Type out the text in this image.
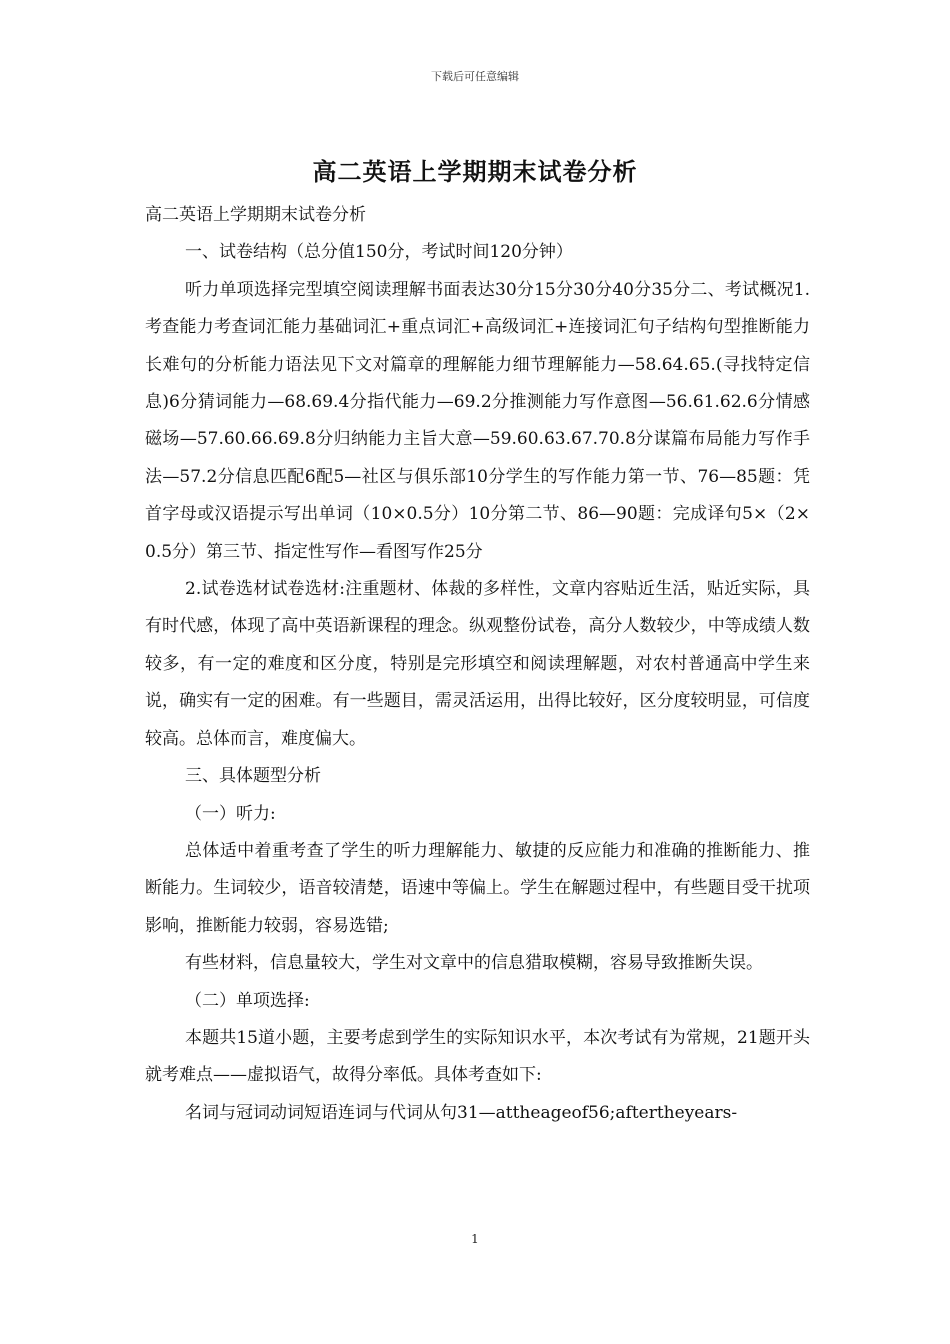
下载后可任意编辑
高二英语上学期期末试卷分析

高二英语上学期期末试卷分析

一、试卷结构（总分值150分，考试时间120分钟）

听力单项选择完型填空阅读理解书面表达30分15分30分40分35分二、考试概况1.考查能力考查词汇能力基础词汇+重点词汇+高级词汇+连接词汇句子结构句型推断能力长难句的分析能力语法见下文对篇章的理解能力细节理解能力—58.64.65.(寻找特定信息)6分猜词能力—68.69.4分指代能力—69.2分推测能力写作意图—56.61.62.6分情感磁场—57.60.66.69.8分归纳能力主旨大意—59.60.63.67.70.8分谋篇布局能力写作手法—57.2分信息匹配6配5—社区与俱乐部10分学生的写作能力第一节、76—85题：凭首字母或汉语提示写出单词（10×0.5分）10分第二节、86—90题：完成译句5×（2×0.5分）第三节、指定性写作—看图写作25分

2.试卷选材试卷选材:注重题材、体裁的多样性，文章内容贴近生活，贴近实际，具有时代感，体现了高中英语新课程的理念。纵观整份试卷，高分人数较少，中等成绩人数较多，有一定的难度和区分度，特别是完形填空和阅读理解题，对农村普通高中学生来说，确实有一定的困难。有一些题目，需灵活运用，出得比较好，区分度较明显，可信度较高。总体而言，难度偏大。

三、具体题型分析

（一）听力:

总体适中着重考查了学生的听力理解能力、敏捷的反应能力和准确的推断能力、推断能力。生词较少，语音较清楚，语速中等偏上。学生在解题过程中，有些题目受干扰项影响，推断能力较弱，容易选错;

有些材料，信息量较大，学生对文章中的信息猎取模糊，容易导致推断失误。

（二）单项选择:

本题共15道小题，主要考虑到学生的实际知识水平，本次考试有为常规，21题开头就考难点——虚拟语气，故得分率低。具体考查如下:

名词与冠词动词短语连词与代词从句31—attheageof56;aftertheyears-

1
